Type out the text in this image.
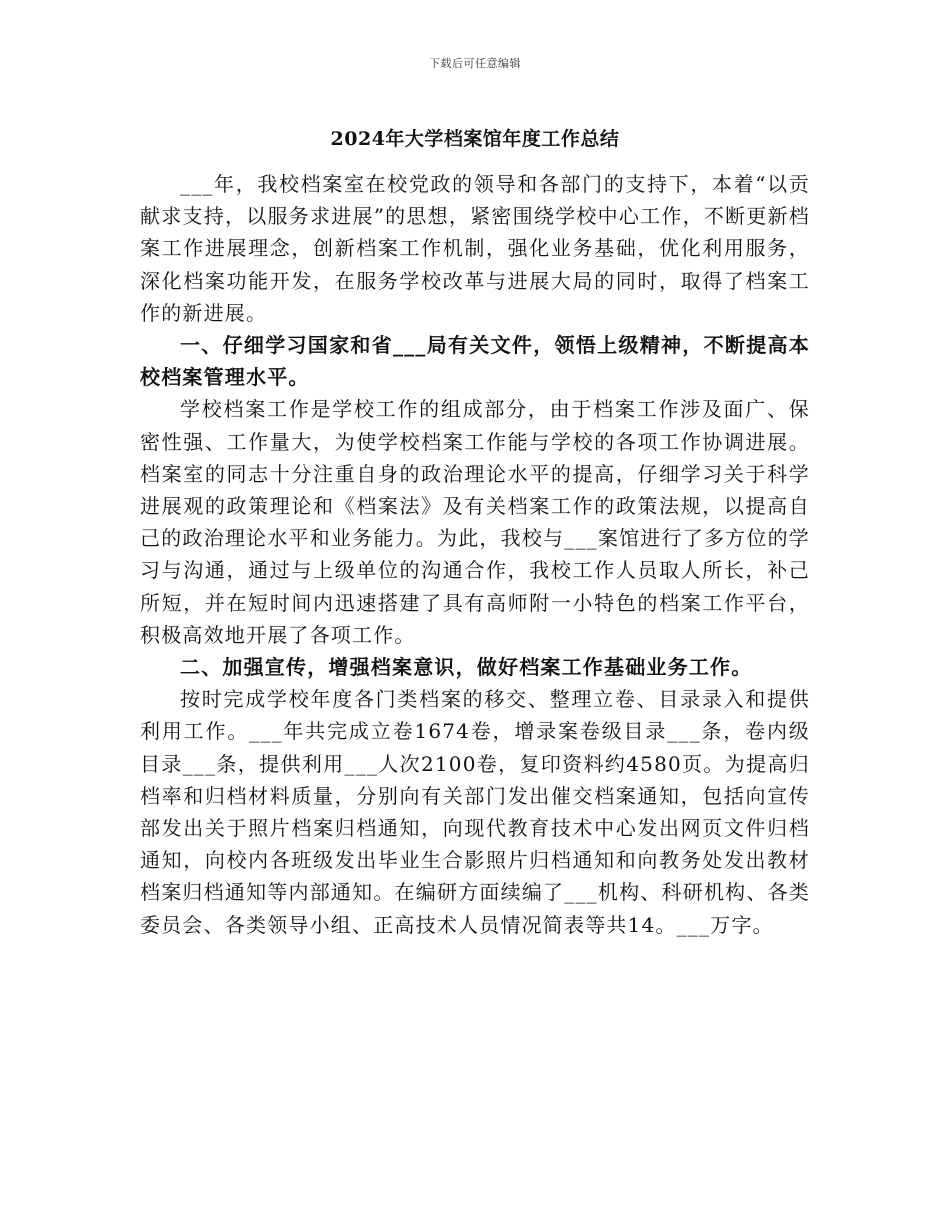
下载后可任意编辑
2024年大学档案馆年度工作总结

___年，我校档案室在校党政的领导和各部门的支持下，本着“以贡献求支持，以服务求进展”的思想，紧密围绕学校中心工作，不断更新档案工作进展理念，创新档案工作机制，强化业务基础，优化利用服务，深化档案功能开发，在服务学校改革与进展大局的同时，取得了档案工作的新进展。

一、仔细学习国家和省___局有关文件，领悟上级精神，不断提高本校档案管理水平。

学校档案工作是学校工作的组成部分，由于档案工作涉及面广、保密性强、工作量大，为使学校档案工作能与学校的各项工作协调进展。档案室的同志十分注重自身的政治理论水平的提高，仔细学习关于科学进展观的政策理论和《档案法》及有关档案工作的政策法规，以提高自己的政治理论水平和业务能力。为此，我校与___案馆进行了多方位的学习与沟通，通过与上级单位的沟通合作，我校工作人员取人所长，补己所短，并在短时间内迅速搭建了具有高师附一小特色的档案工作平台，积极高效地开展了各项工作。

二、加强宣传，增强档案意识，做好档案工作基础业务工作。

按时完成学校年度各门类档案的移交、整理立卷、目录录入和提供利用工作。___年共完成立卷1674卷，增录案卷级目录___条，卷内级目录___条，提供利用___人次2100卷，复印资料约4580页。为提高归档率和归档材料质量，分别向有关部门发出催交档案通知，包括向宣传部发出关于照片档案归档通知，向现代教育技术中心发出网页文件归档通知，向校内各班级发出毕业生合影照片归档通知和向教务处发出教材档案归档通知等内部通知。在编研方面续编了___机构、科研机构、各类委员会、各类领导小组、正高技术人员情况简表等共14。___万字。
